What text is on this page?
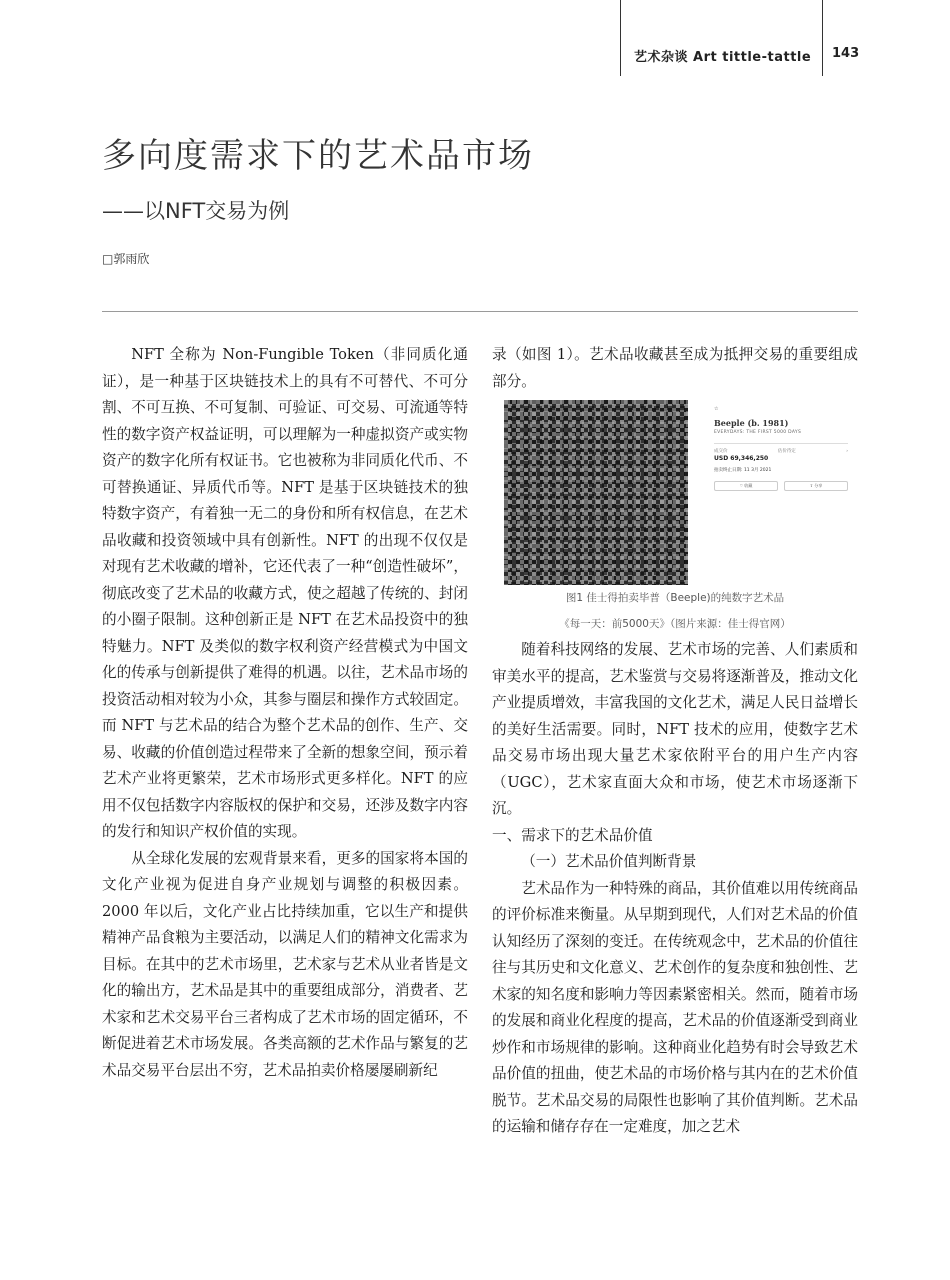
艺术杂谈 Art tittle-tattle 143
多向度需求下的艺术品市场
——以NFT交易为例
□郭雨欣

NFT 全称为 Non-Fungible Token（非同质化通证），是一种基于区块链技术上的具有不可替代、不可分割、不可互换、不可复制、可验证、可交易、可流通等特性的数字资产权益证明，可以理解为一种虚拟资产或实物资产的数字化所有权证书。它也被称为非同质化代币、不可替换通证、异质代币等。NFT 是基于区块链技术的独特数字资产，有着独一无二的身份和所有权信息，在艺术品收藏和投资领域中具有创新性。NFT 的出现不仅仅是对现有艺术收藏的增补，它还代表了一种“创造性破坏”，彻底改变了艺术品的收藏方式，使之超越了传统的、封闭的小圈子限制。这种创新正是 NFT 在艺术品投资中的独特魅力。NFT 及类似的数字权利资产经营模式为中国文化的传承与创新提供了难得的机遇。以往，艺术品市场的投资活动相对较为小众，其参与圈层和操作方式较固定。而 NFT 与艺术品的结合为整个艺术品的创作、生产、交易、收藏的价值创造过程带来了全新的想象空间，预示着艺术产业将更繁荣，艺术市场形式更多样化。NFT 的应用不仅包括数字内容版权的保护和交易，还涉及数字内容的发行和知识产权价值的实现。

从全球化发展的宏观背景来看，更多的国家将本国的文化产业视为促进自身产业规划与调整的积极因素。2000 年以后，文化产业占比持续加重，它以生产和提供精神产品食粮为主要活动，以满足人们的精神文化需求为目标。在其中的艺术市场里，艺术家与艺术从业者皆是文化的输出方，艺术品是其中的重要组成部分，消费者、艺术家和艺术交易平台三者构成了艺术市场的固定循环，不断促进着艺术市场发展。各类高额的艺术作品与繁复的艺术品交易平台层出不穷，艺术品拍卖价格屡屡刷新纪

录（如图 1）。艺术品收藏甚至成为抵押交易的重要组成部分。

☆
Beeple (b. 1981)
EVERYDAYS: THE FIRST 5000 DAYS
成交价	估价待定	›
USD 69,346,250
拍卖终止日期: 11 3月 2021
♡ 收藏	⇧ 分享
图1 佳士得拍卖毕普（Beeple)的纯数字艺术品
《每一天：前5000天》（图片来源：佳士得官网）

随着科技网络的发展、艺术市场的完善、人们素质和审美水平的提高，艺术鉴赏与交易将逐渐普及，推动文化产业提质增效，丰富我国的文化艺术，满足人民日益增长的美好生活需要。同时，NFT 技术的应用，使数字艺术品交易市场出现大量艺术家依附平台的用户生产内容（UGC），艺术家直面大众和市场，使艺术市场逐渐下沉。

一、需求下的艺术品价值

（一）艺术品价值判断背景

艺术品作为一种特殊的商品，其价值难以用传统商品的评价标准来衡量。从早期到现代，人们对艺术品的价值认知经历了深刻的变迁。在传统观念中，艺术品的价值往往与其历史和文化意义、艺术创作的复杂度和独创性、艺术家的知名度和影响力等因素紧密相关。然而，随着市场的发展和商业化程度的提高，艺术品的价值逐渐受到商业炒作和市场规律的影响。这种商业化趋势有时会导致艺术品价值的扭曲，使艺术品的市场价格与其内在的艺术价值脱节。艺术品交易的局限性也影响了其价值判断。艺术品的运输和储存存在一定难度，加之艺术
